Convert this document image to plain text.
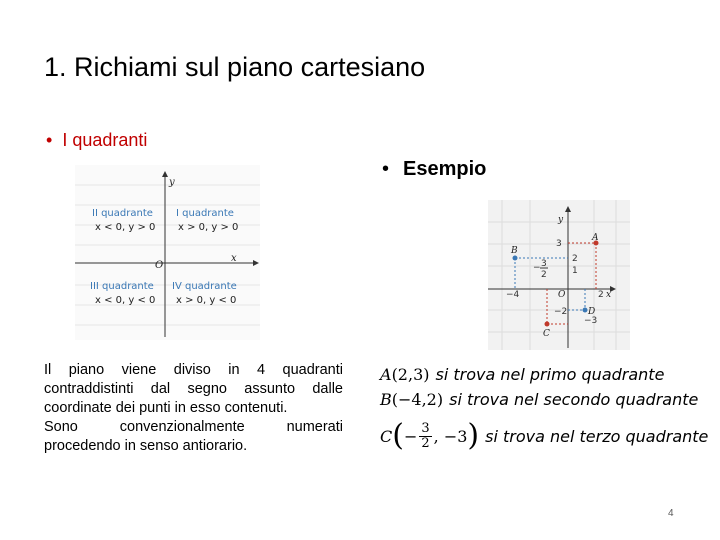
1. Richiami sul piano cartesiano
• I quadranti
y
x
O
II quadrante
x < 0, y > 0
I quadrante
x > 0, y > 0
III quadrante
x < 0, y < 0
IV quadrante
x > 0, y < 0
• Esempio
y
x
O
3
A
2
B
2
1
−4
− 3
2
C
−2 D
−3

Il piano viene diviso in 4 quadranti contraddistinti dal segno assunto dalle coordinate dei punti in esso contenuti.

Sono convenzionalmente numerati procedendo in senso antiorario.

A (2,3) si trova nel primo quadrante
B (−4,2) si trova nel secondo quadrante
C ( − $\frac{3}{2}$ , −3 ) si trova nel terzo quadrante
4
